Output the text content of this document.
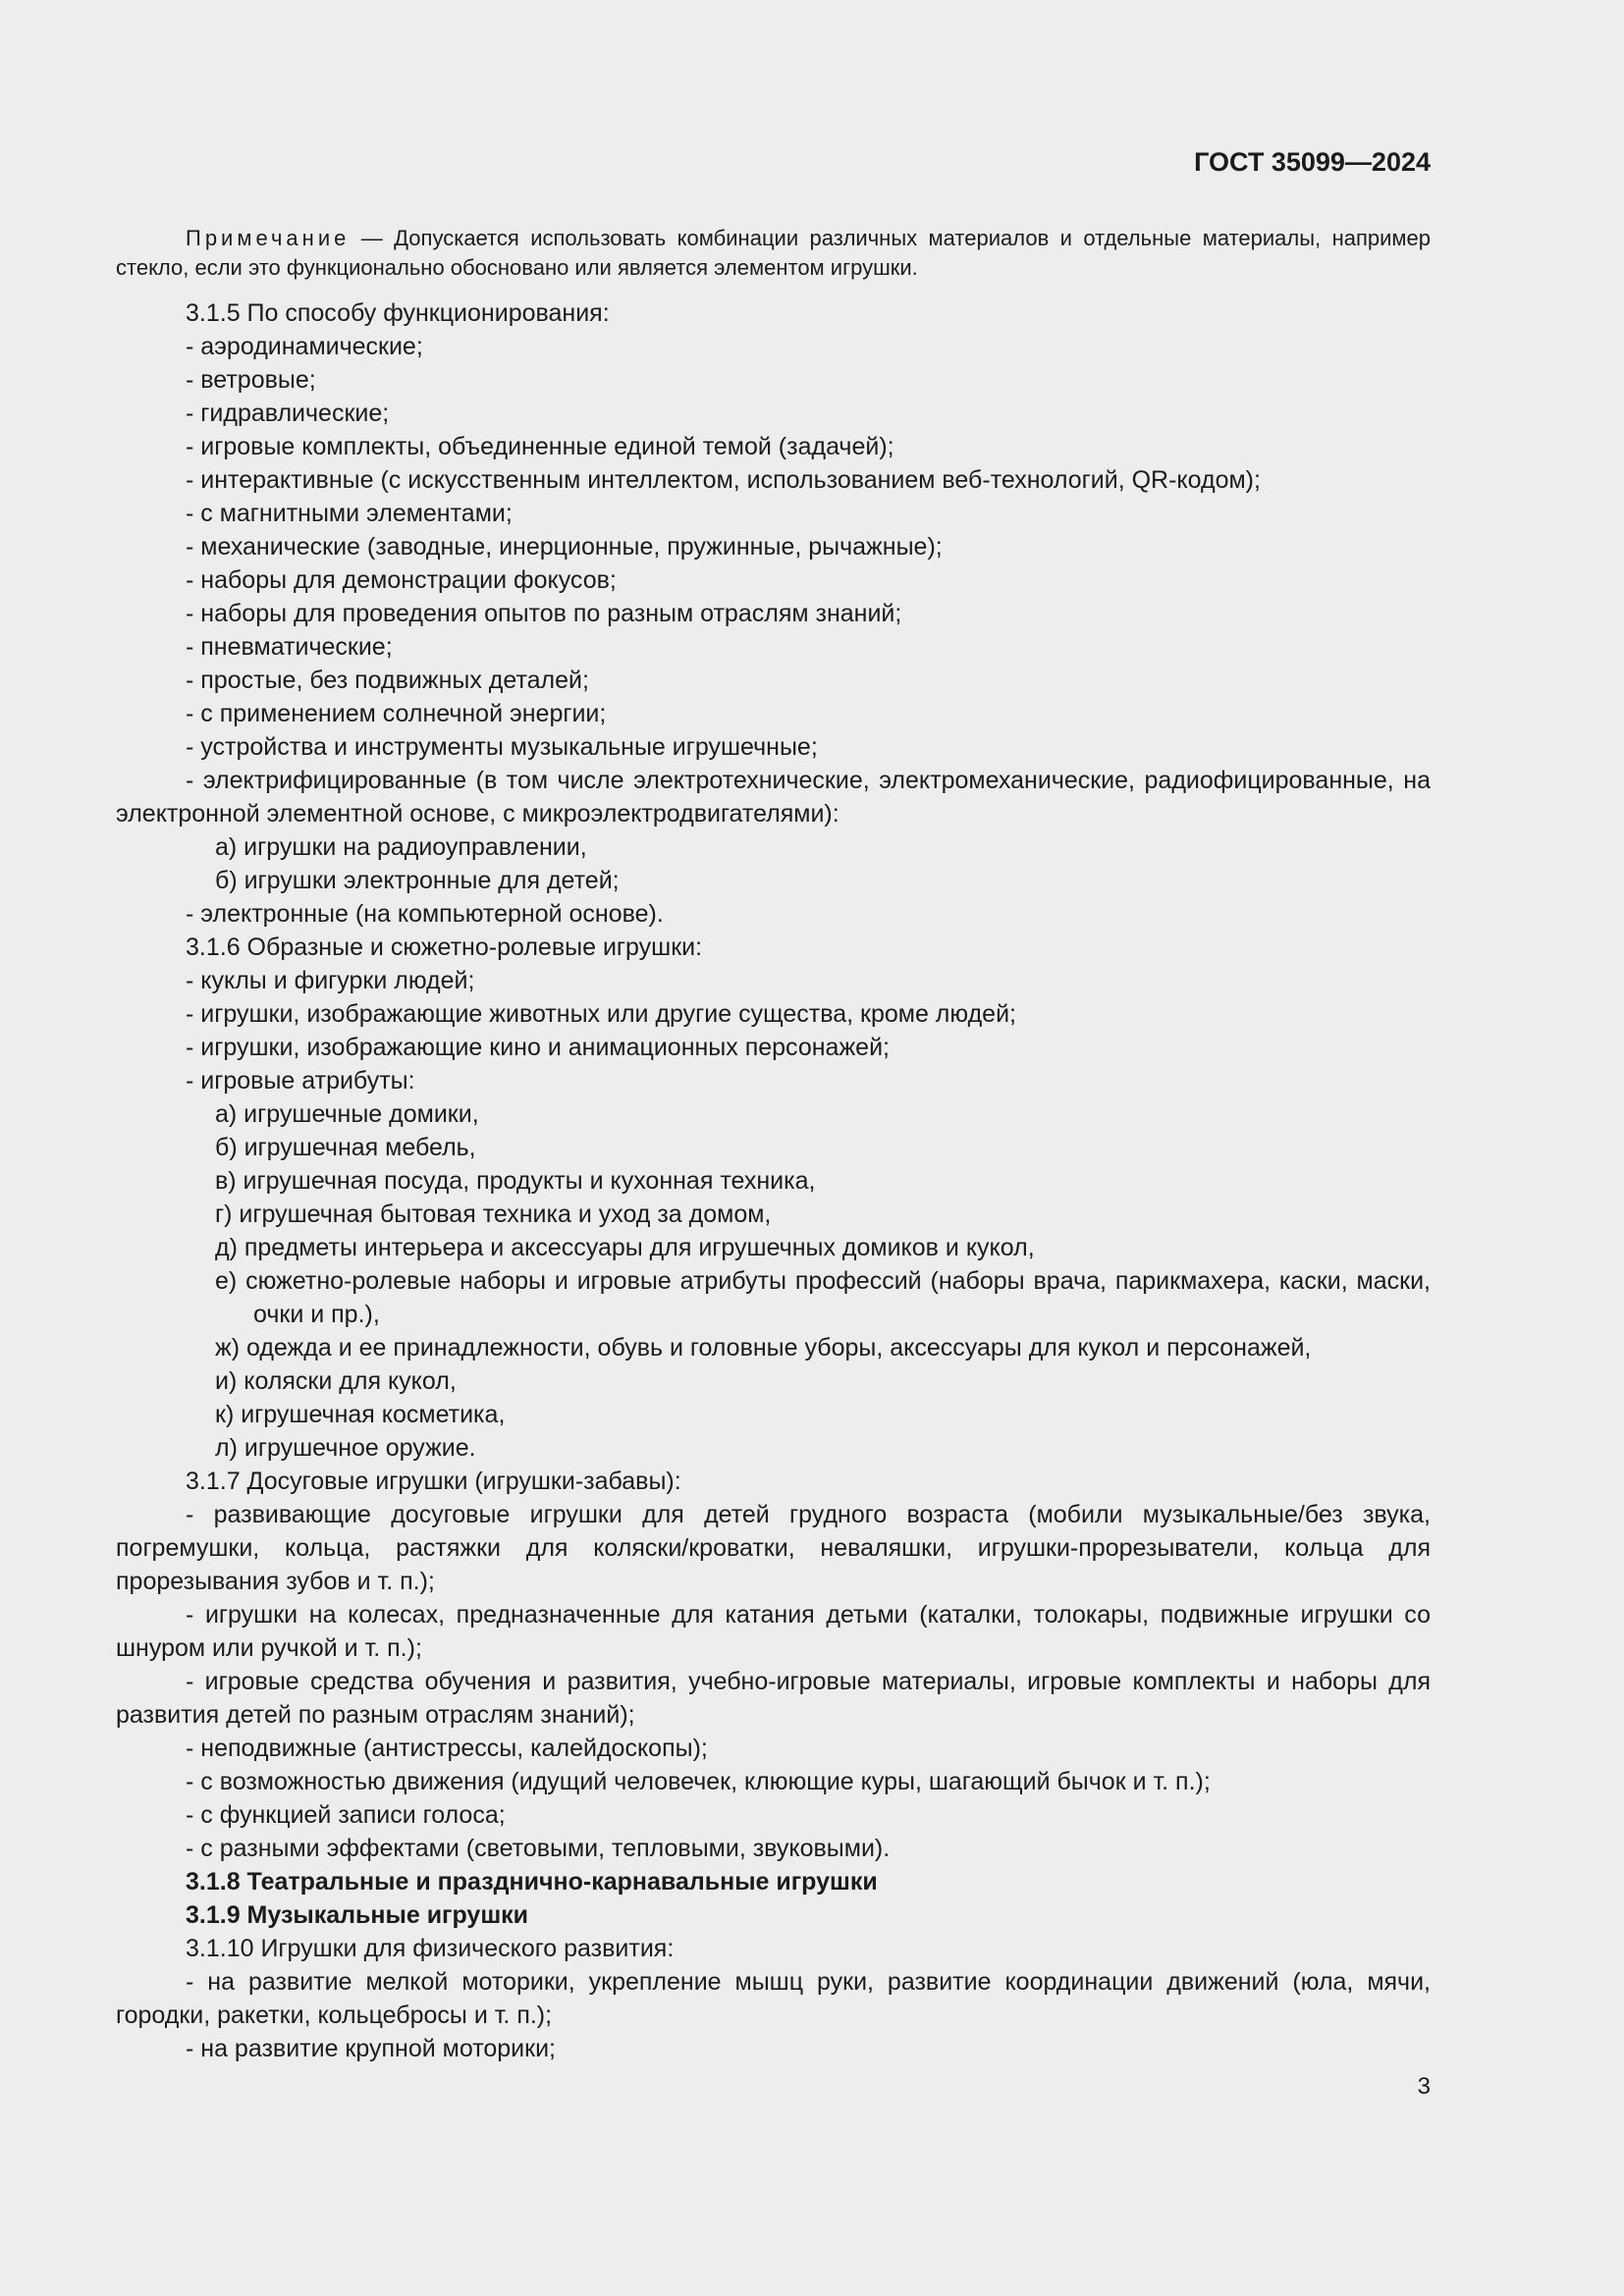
ГОСТ 35099—2024
Примечание — Допускается использовать комбинации различных материалов и отдельные материалы, например стекло, если это функционально обосновано или является элементом игрушки.

3.1.5 По способу функционирования:

- аэродинамические;

- ветровые;

- гидравлические;

- игровые комплекты, объединенные единой темой (задачей);

- интерактивные (с искусственным интеллектом, использованием веб-технологий, QR-кодом);

- с магнитными элементами;

- механические (заводные, инерционные, пружинные, рычажные);

- наборы для демонстрации фокусов;

- наборы для проведения опытов по разным отраслям знаний;

- пневматические;

- простые, без подвижных деталей;

- с применением солнечной энергии;

- устройства и инструменты музыкальные игрушечные;

- электрифицированные (в том числе электротехнические, электромеханические, радиофицированные, на электронной элементной основе, с микроэлектродвигателями):

а) игрушки на радиоуправлении,

б) игрушки электронные для детей;

- электронные (на компьютерной основе).

3.1.6 Образные и сюжетно-ролевые игрушки:

- куклы и фигурки людей;

- игрушки, изображающие животных или другие существа, кроме людей;

- игрушки, изображающие кино и анимационных персонажей;

- игровые атрибуты:

а) игрушечные домики,

б) игрушечная мебель,

в) игрушечная посуда, продукты и кухонная техника,

г) игрушечная бытовая техника и уход за домом,

д) предметы интерьера и аксессуары для игрушечных домиков и кукол,

е) сюжетно-ролевые наборы и игровые атрибуты профессий (наборы врача, парикмахера, каски, маски, очки и пр.),

ж) одежда и ее принадлежности, обувь и головные уборы, аксессуары для кукол и персонажей,

и) коляски для кукол,

к) игрушечная косметика,

л) игрушечное оружие.

3.1.7 Досуговые игрушки (игрушки-забавы):

- развивающие досуговые игрушки для детей грудного возраста (мобили музыкальные/без звука, погремушки, кольца, растяжки для коляски/кроватки, неваляшки, игрушки-прорезыватели, кольца для прорезывания зубов и т. п.);

- игрушки на колесах, предназначенные для катания детьми (каталки, толокары, подвижные игрушки со шнуром или ручкой и т. п.);

- игровые средства обучения и развития, учебно-игровые материалы, игровые комплекты и наборы для развития детей по разным отраслям знаний);

- неподвижные (антистрессы, калейдоскопы);

- с возможностью движения (идущий человечек, клюющие куры, шагающий бычок и т. п.);

- с функцией записи голоса;

- с разными эффектами (световыми, тепловыми, звуковыми).

3.1.8 Театральные и празднично-карнавальные игрушки

3.1.9 Музыкальные игрушки

3.1.10 Игрушки для физического развития:

- на развитие мелкой моторики, укрепление мышц руки, развитие координации движений (юла, мячи, городки, ракетки, кольцебросы и т. п.);

- на развитие крупной моторики;

3
